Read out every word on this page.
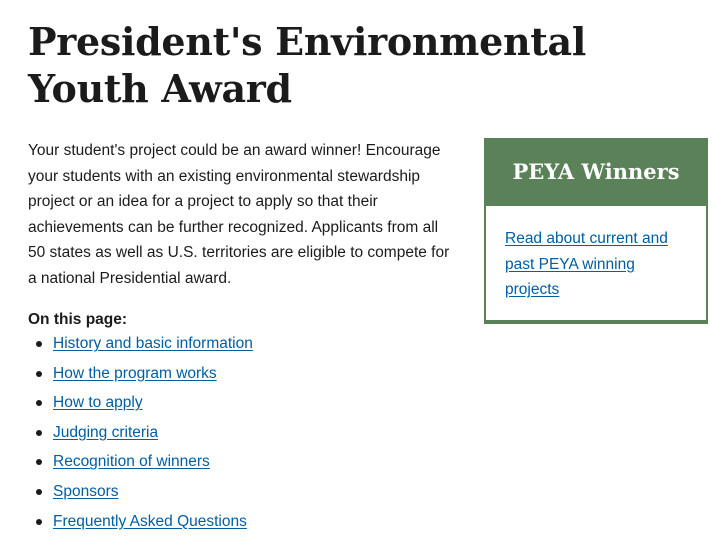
President's Environmental Youth Award

Your student's project could be an award winner! Encourage your students with an existing environmental stewardship project or an idea for a project to apply so that their achievements can be further recognized. Applicants from all 50 states as well as U.S. territories are eligible to compete for a national Presidential award.

On this page:

History and basic information
How the program works
How to apply
Judging criteria
Recognition of winners
Sponsors
Frequently Asked Questions
PEYA Winners
Read about current and past PEYA winning projects
